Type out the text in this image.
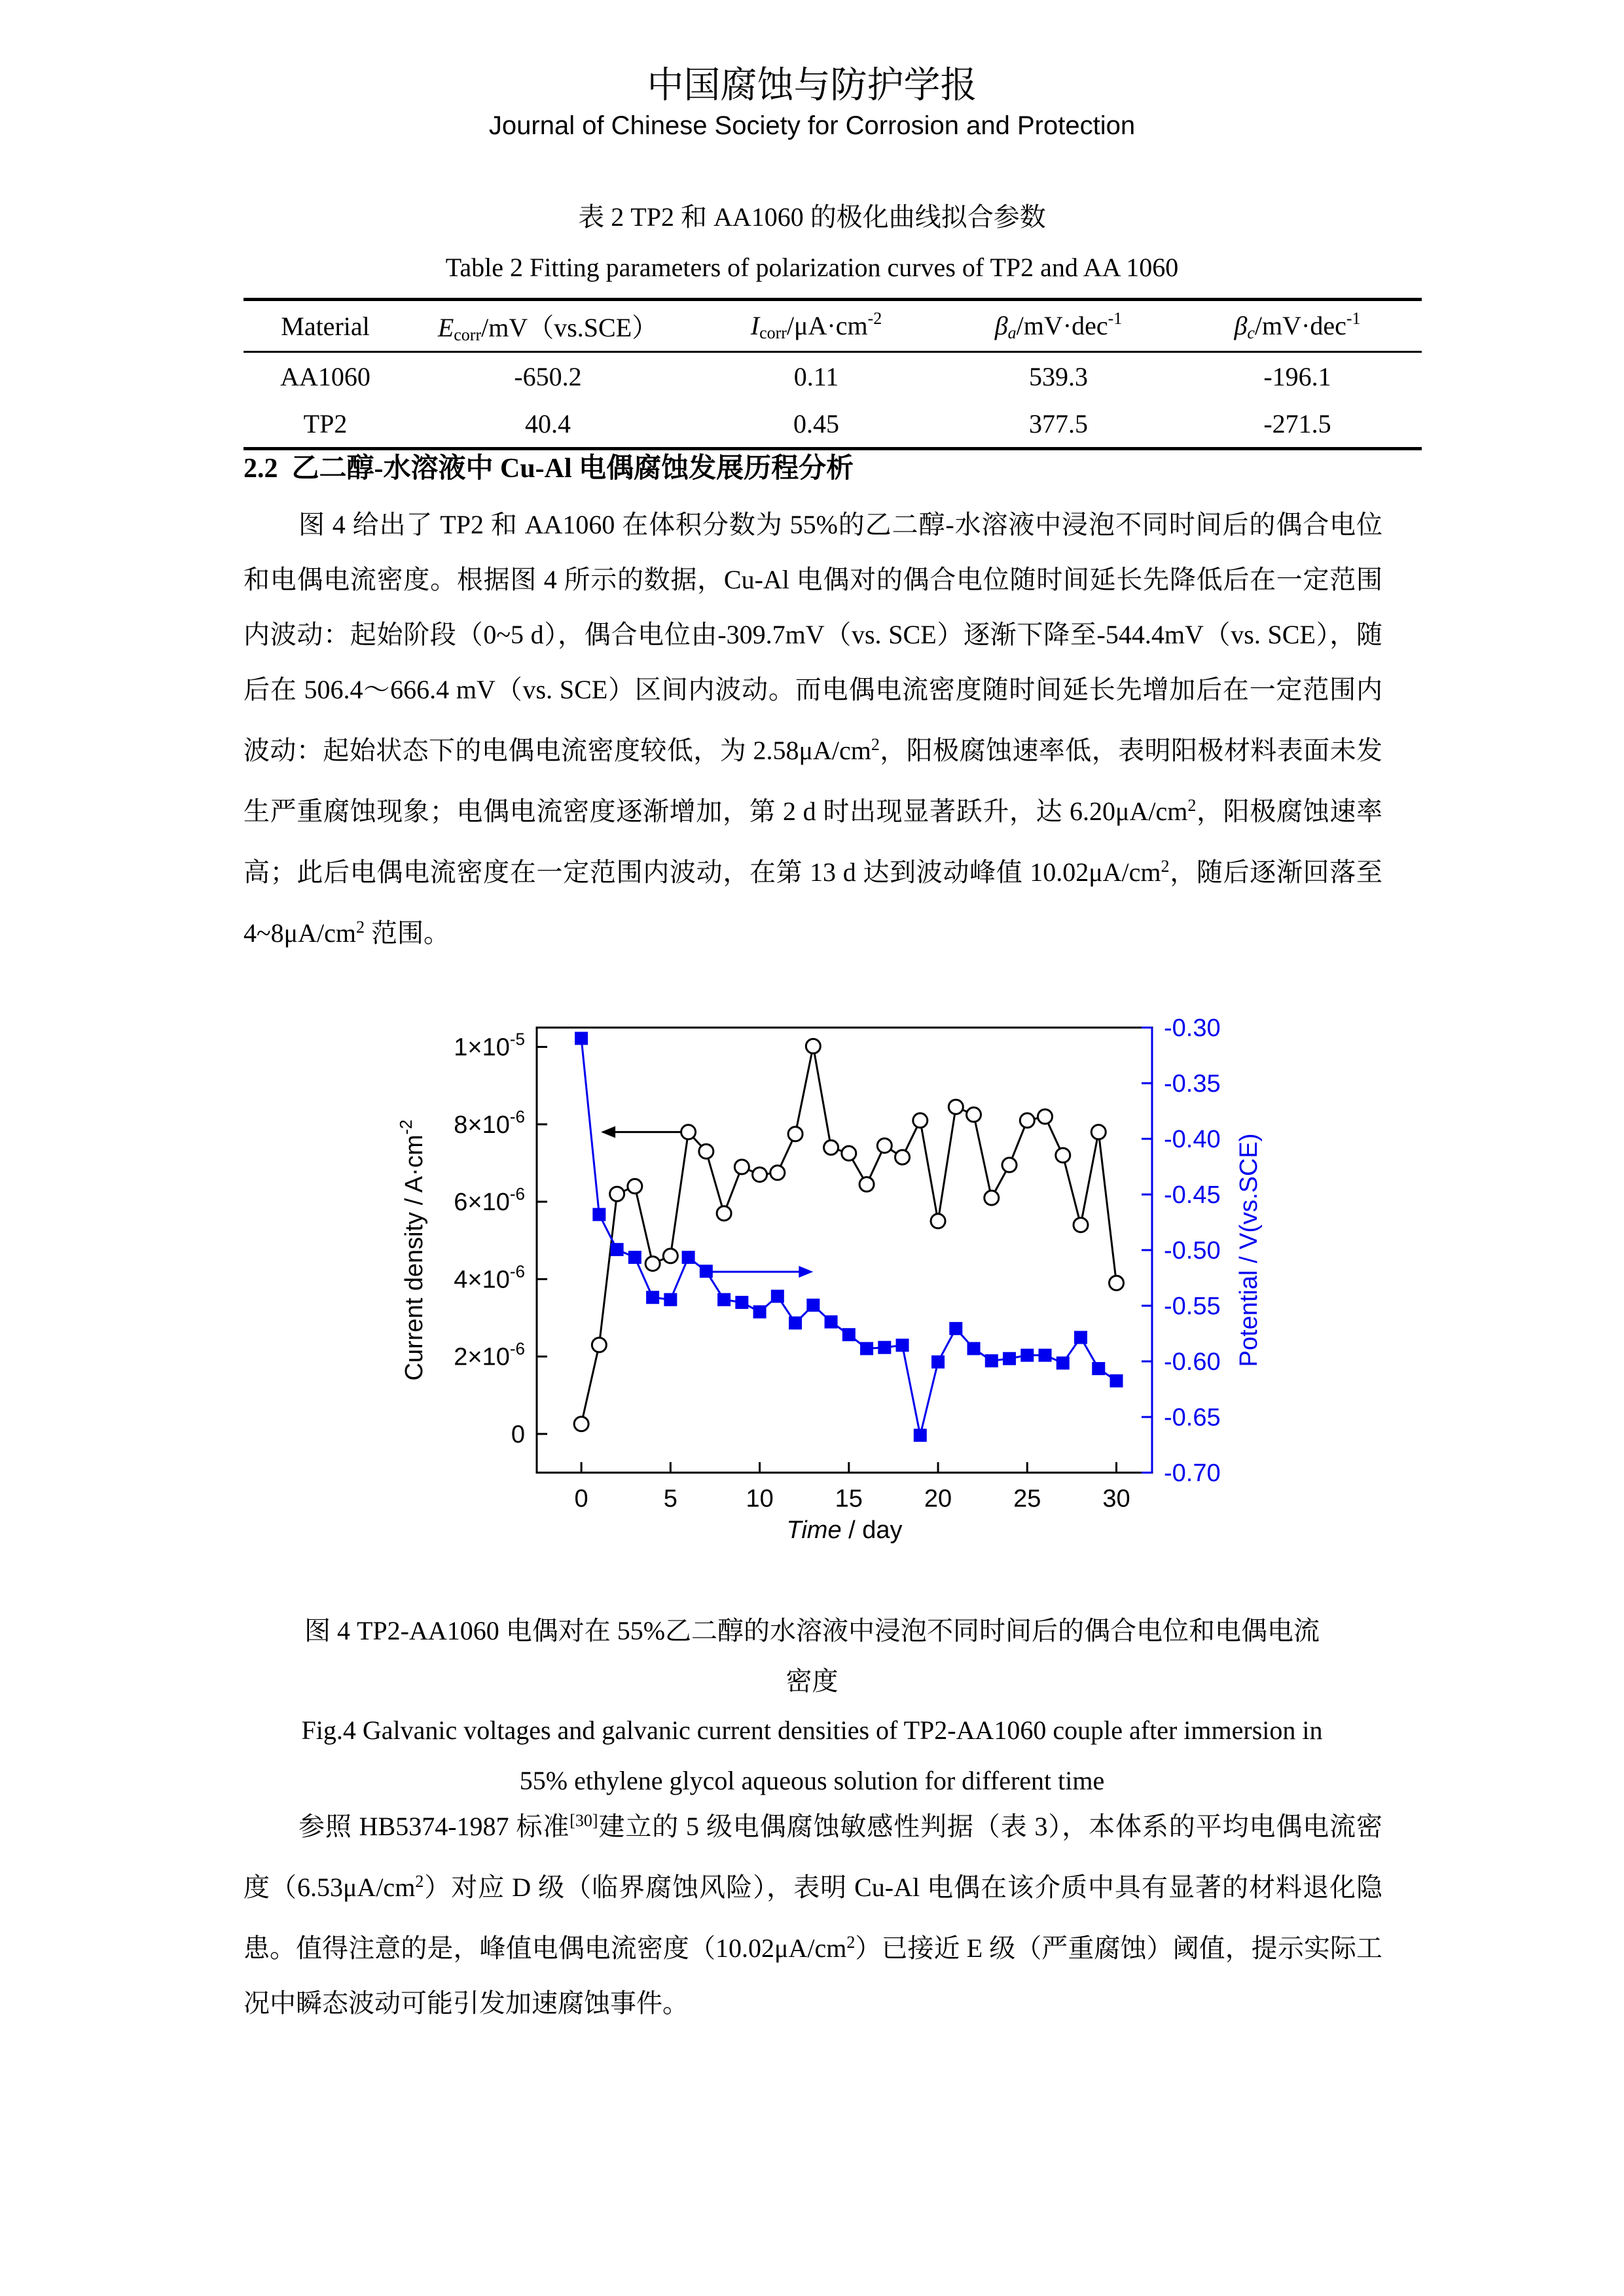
中国腐蚀与防护学报
Journal of Chinese Society for Corrosion and Protection
表 2 TP2 和 AA1060 的极化曲线拟合参数
Table 2 Fitting parameters of polarization curves of TP2 and AA 1060
Material	$E_{corr}/mV(vs.SCE)$	$I_{corr}/\mu A\cdot cm^{-2}$	$\beta_a/mV\cdot dec^{-1}$	$\beta_c/mV\cdot dec^{-1}$
AA1060	-650.2	0.11	539.3	-196.1
TP2	40.4	0.45	377.5	-271.5
2.2 乙二醇-水溶液中 Cu-Al 电偶腐蚀发展历程分析

图 4 给出了 TP2 和 AA1060 在体积分数为 55%的乙二醇-水溶液中浸泡不同时间后的偶合电位和电偶电流密度。根据图 4 所示的数据，Cu-Al 电偶对的偶合电位随时间延长先降低后在一定范围内波动：起始阶段（0~5 d），偶合电位由-309.7mV（vs. SCE）逐渐下降至-544.4mV（vs. SCE），随后在 506.4～666.4 mV（vs. SCE）区间内波动。而电偶电流密度随时间延长先增加后在一定范围内波动：起始状态下的电偶电流密度较低，为 $2.58\mu A/cm^2$，阳极腐蚀速率低，表明阳极材料表面未发生严重腐蚀现象；电偶电流密度逐渐增加，第 2 d 时出现显著跃升，达 $6.20\mu A/cm^2$，阳极腐蚀速率高；此后电偶电流密度在一定范围内波动，在第 13 d 达到波动峰值 $10.02\mu A/cm^2$，随后逐渐回落至 $4\sim 8\mu A/cm^2$ 范围。

0	5	10 15 20 25 30
0
$2\times 10^{-6}$
$4\times 10^{-6}$
$6\times 10^{-6}$
$8\times 10^{-6}$
$1\times 10^{-5}$	-0.30
-0.35
-0.40
-0.45
-0.50
-0.55
-0.60
-0.65
-0.70
Time / day
Current density / $A\cdot cm^{-2}$
Potential / V(vs.SCE)
图 4 TP2-AA1060 电偶对在 55%乙二醇的水溶液中浸泡不同时间后的偶合电位和电偶电流
密度
Fig.4 Galvanic voltages and galvanic current densities of TP2-AA1060 couple after immersion in
55% ethylene glycol aqueous solution for different time

参照 HB5374-1987 标准[30]建立的 5 级电偶腐蚀敏感性判据（表 3），本体系的平均电偶电流密度$(6.53\mu A/cm^2)$对应 D 级（临界腐蚀风险），表明 Cu-Al 电偶在该介质中具有显著的材料退化隐患。值得注意的是，峰值电偶电流密度$(10.02\mu A/cm^2)$已接近 E 级（严重腐蚀）阈值，提示实际工况中瞬态波动可能引发加速腐蚀事件。
